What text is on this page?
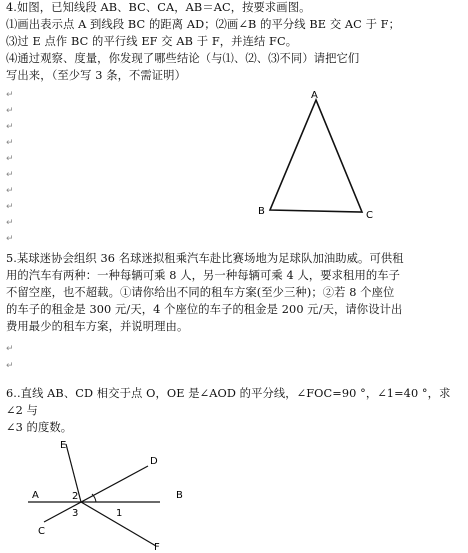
4.如图，已知线段 AB、BC、CA，AB＝AC，按要求画图。
⑴画出表示点 A 到线段 BC 的距离 AD；⑵画∠B 的平分线 BE 交 AC 于 F；
⑶过 E 点作 BC 的平行线 EF 交 AB 于 F，并连结 FC。
⑷通过观察、度量，你发现了哪些结论（与⑴、⑵、⑶不同）请把它们
写出来，（至少写 3 条，不需证明）
↵
↵
↵
↵
↵
↵
↵
↵
↵
↵
A
B	C
5.某球迷协会组织 36 名球迷拟租乘汽车赴比赛场地为足球队加油助威。可供租
用的汽车有两种：一种每辆可乘 8 人，另一种每辆可乘 4 人，要求租用的车子
不留空座，也不超载。①请你给出不同的租车方案(至少三种)；②若 8 个座位
的车子的租金是 300 元/天，4 个座位的车子的租金是 200 元/天，请你设计出
费用最少的租车方案，并说明理由。
↵
↵
6..直线 AB、CD 相交于点 O，OE 是∠AOD 的平分线，∠FOC=90 °，∠1=40 °，求
∠2 与
∠3 的度数。
E
D
A	B
C
F
2
3	1
